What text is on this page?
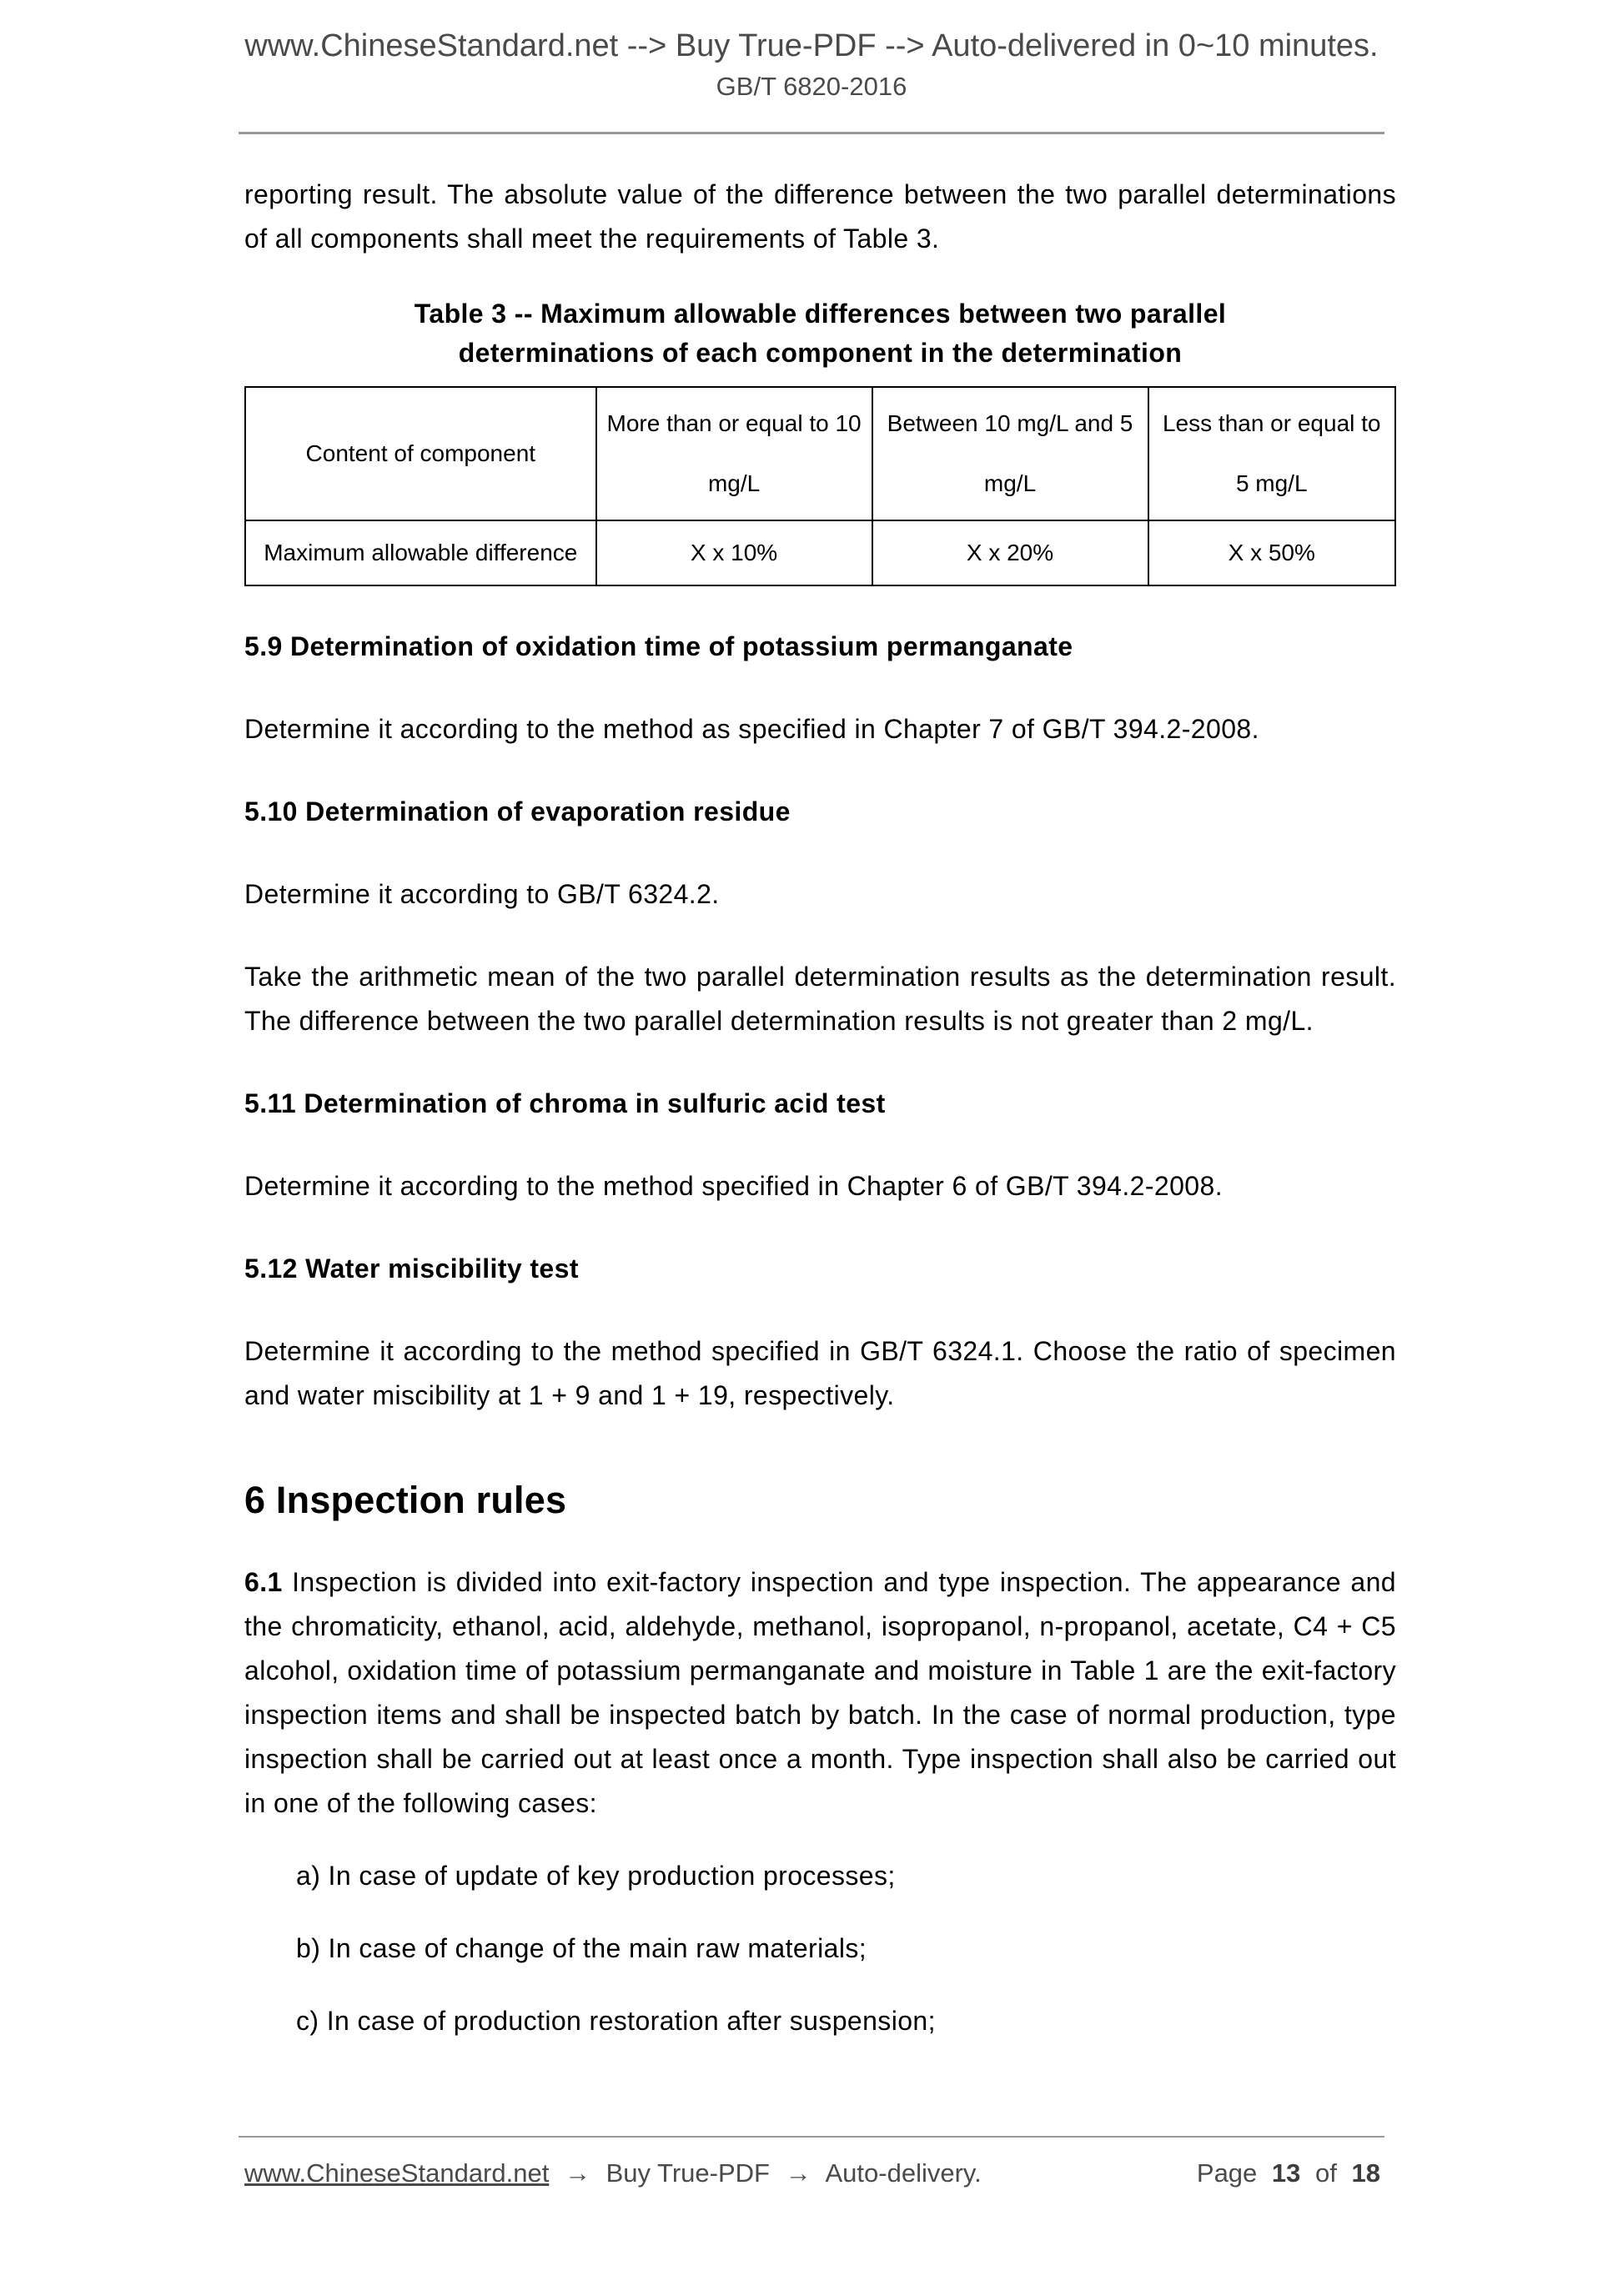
www.ChineseStandard.net --> Buy True-PDF --> Auto-delivered in 0~10 minutes.
GB/T 6820-2016

reporting result. The absolute value of the difference between the two parallel determinations of all components shall meet the requirements of Table 3.

Table 3 -- Maximum allowable differences between two parallel determinations of each component in the determination
Content of component	More than or equal to 10 mg/L	Between 10 mg/L and 5 mg/L	Less than or equal to 5 mg/L
Maximum allowable difference	X x 10%	X x 20%	X x 50%
5.9 Determination of oxidation time of potassium permanganate

Determine it according to the method as specified in Chapter 7 of GB/T 394.2-2008.

5.10 Determination of evaporation residue

Determine it according to GB/T 6324.2.

Take the arithmetic mean of the two parallel determination results as the determination result. The difference between the two parallel determination results is not greater than 2 mg/L.

5.11 Determination of chroma in sulfuric acid test

Determine it according to the method specified in Chapter 6 of GB/T 394.2-2008.

5.12 Water miscibility test

Determine it according to the method specified in GB/T 6324.1. Choose the ratio of specimen and water miscibility at 1 + 9 and 1 + 19, respectively.

6 Inspection rules

6.1 Inspection is divided into exit-factory inspection and type inspection. The appearance and the chromaticity, ethanol, acid, aldehyde, methanol, isopropanol, n-propanol, acetate, C4 + C5 alcohol, oxidation time of potassium permanganate and moisture in Table 1 are the exit-factory inspection items and shall be inspected batch by batch. In the case of normal production, type inspection shall be carried out at least once a month. Type inspection shall also be carried out in one of the following cases:

a) In case of update of key production processes;

b) In case of change of the main raw materials;

c) In case of production restoration after suspension;

www.ChineseStandard.net → Buy True-PDF → Auto-delivery.	Page 13 of 18
